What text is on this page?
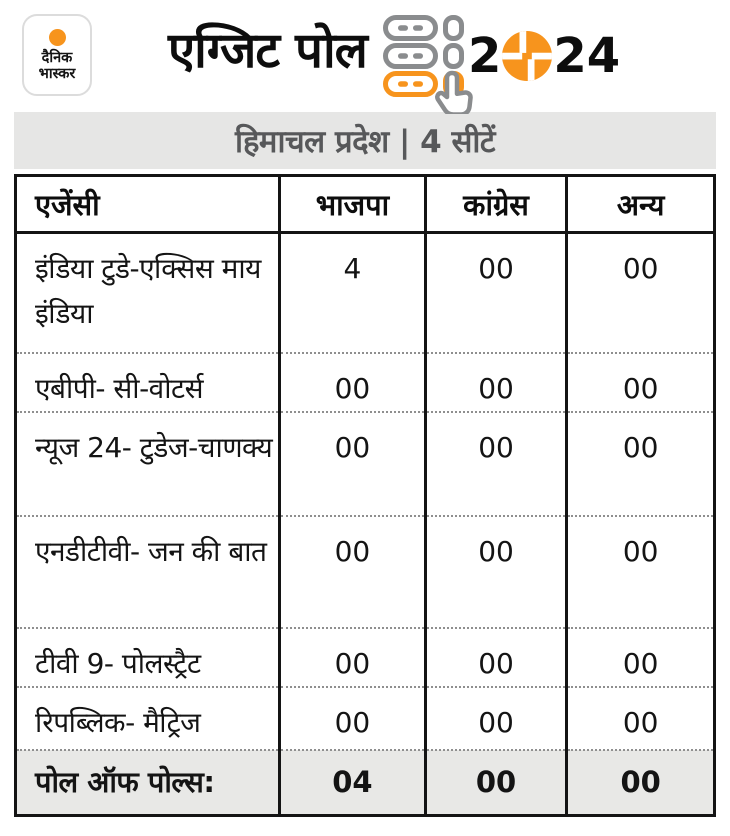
दैनिक
भास्कर एग्जिट पोल 2 24
हिमाचल प्रदेश | 4 सीटें
एजेंसी	भाजपा	कांग्रेस	अन्य
इंडिया टुडे-एक्सिस माय इंडिया	4	00	00
एबीपी- सी-वोटर्स	00	00	00
न्यूज 24- टुडेज-चाणक्य	00	00	00
एनडीटीवी- जन की बात	00	00	00
टीवी 9- पोलस्ट्रैट	00	00	00
रिपब्लिक- मैट्रिज	00	00	00
पोल ऑफ पोल्स:	04	00	00
